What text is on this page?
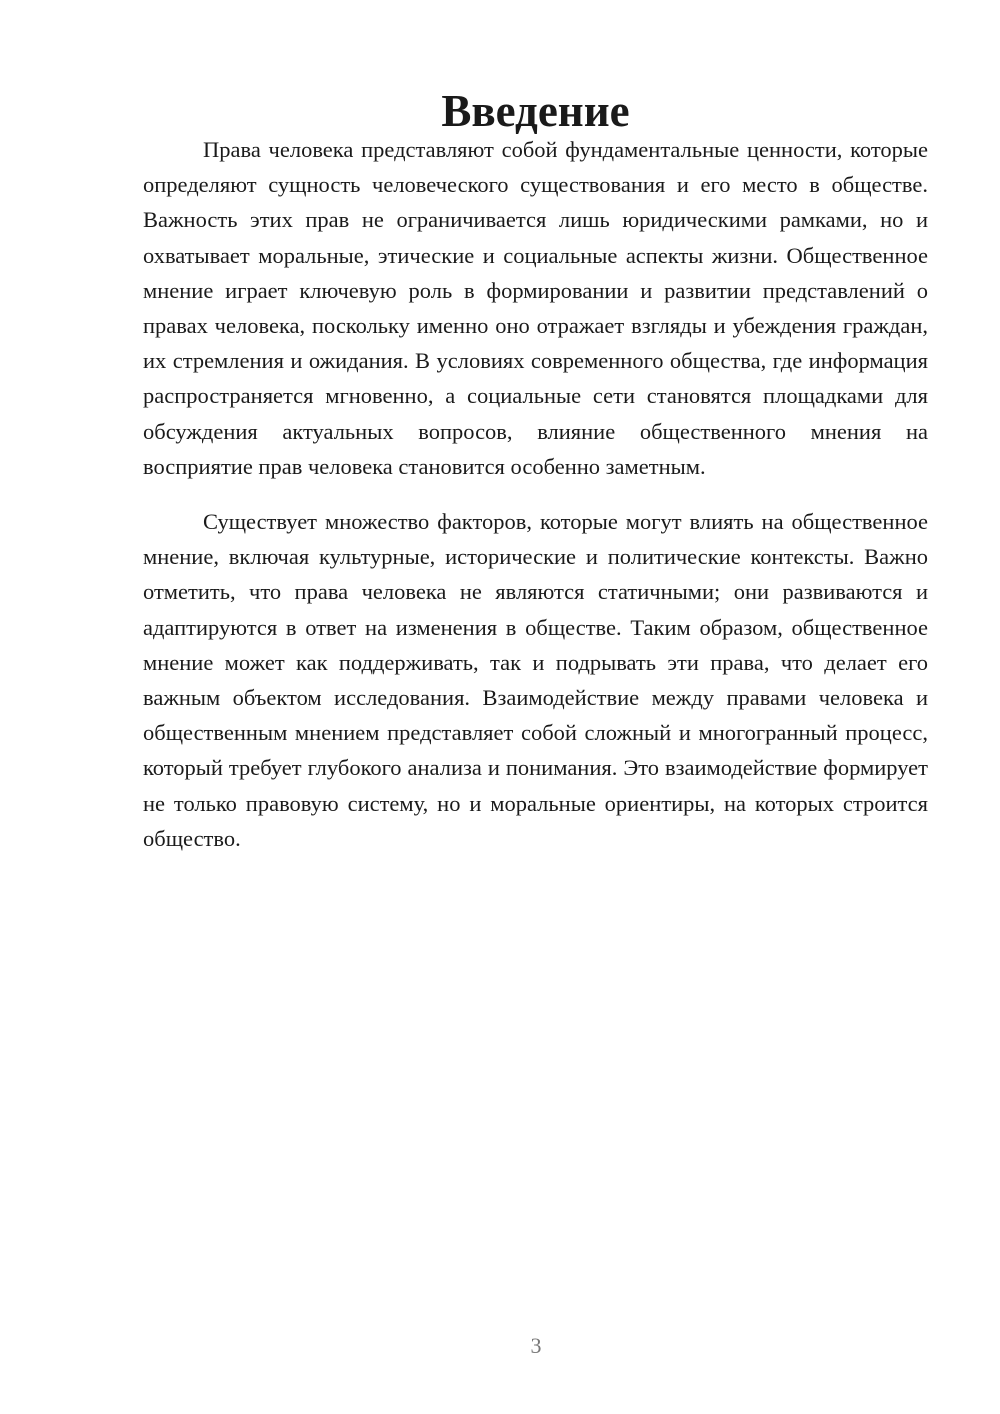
Введение

Права человека представляют собой фундаментальные ценности, которые определяют сущность человеческого существования и его место в обществе. Важность этих прав не ограничивается лишь юридическими рамками, но и охватывает моральные, этические и социальные аспекты жизни. Общественное мнение играет ключевую роль в формировании и развитии представлений о правах человека, поскольку именно оно отражает взгляды и убеждения граждан, их стремления и ожидания. В условиях современного общества, где информация распространяется мгновенно, а социальные сети становятся площадками для обсуждения актуальных вопросов, влияние общественного мнения на восприятие прав человека становится особенно заметным.

Существует множество факторов, которые могут влиять на общественное мнение, включая культурные, исторические и политические контексты. Важно отметить, что права человека не являются статичными; они развиваются и адаптируются в ответ на изменения в обществе. Таким образом, общественное мнение может как поддерживать, так и подрывать эти права, что делает его важным объектом исследования. Взаимодействие между правами человека и общественным мнением представляет собой сложный и многогранный процесс, который требует глубокого анализа и понимания. Это взаимодействие формирует не только правовую систему, но и моральные ориентиры, на которых строится общество.

3
